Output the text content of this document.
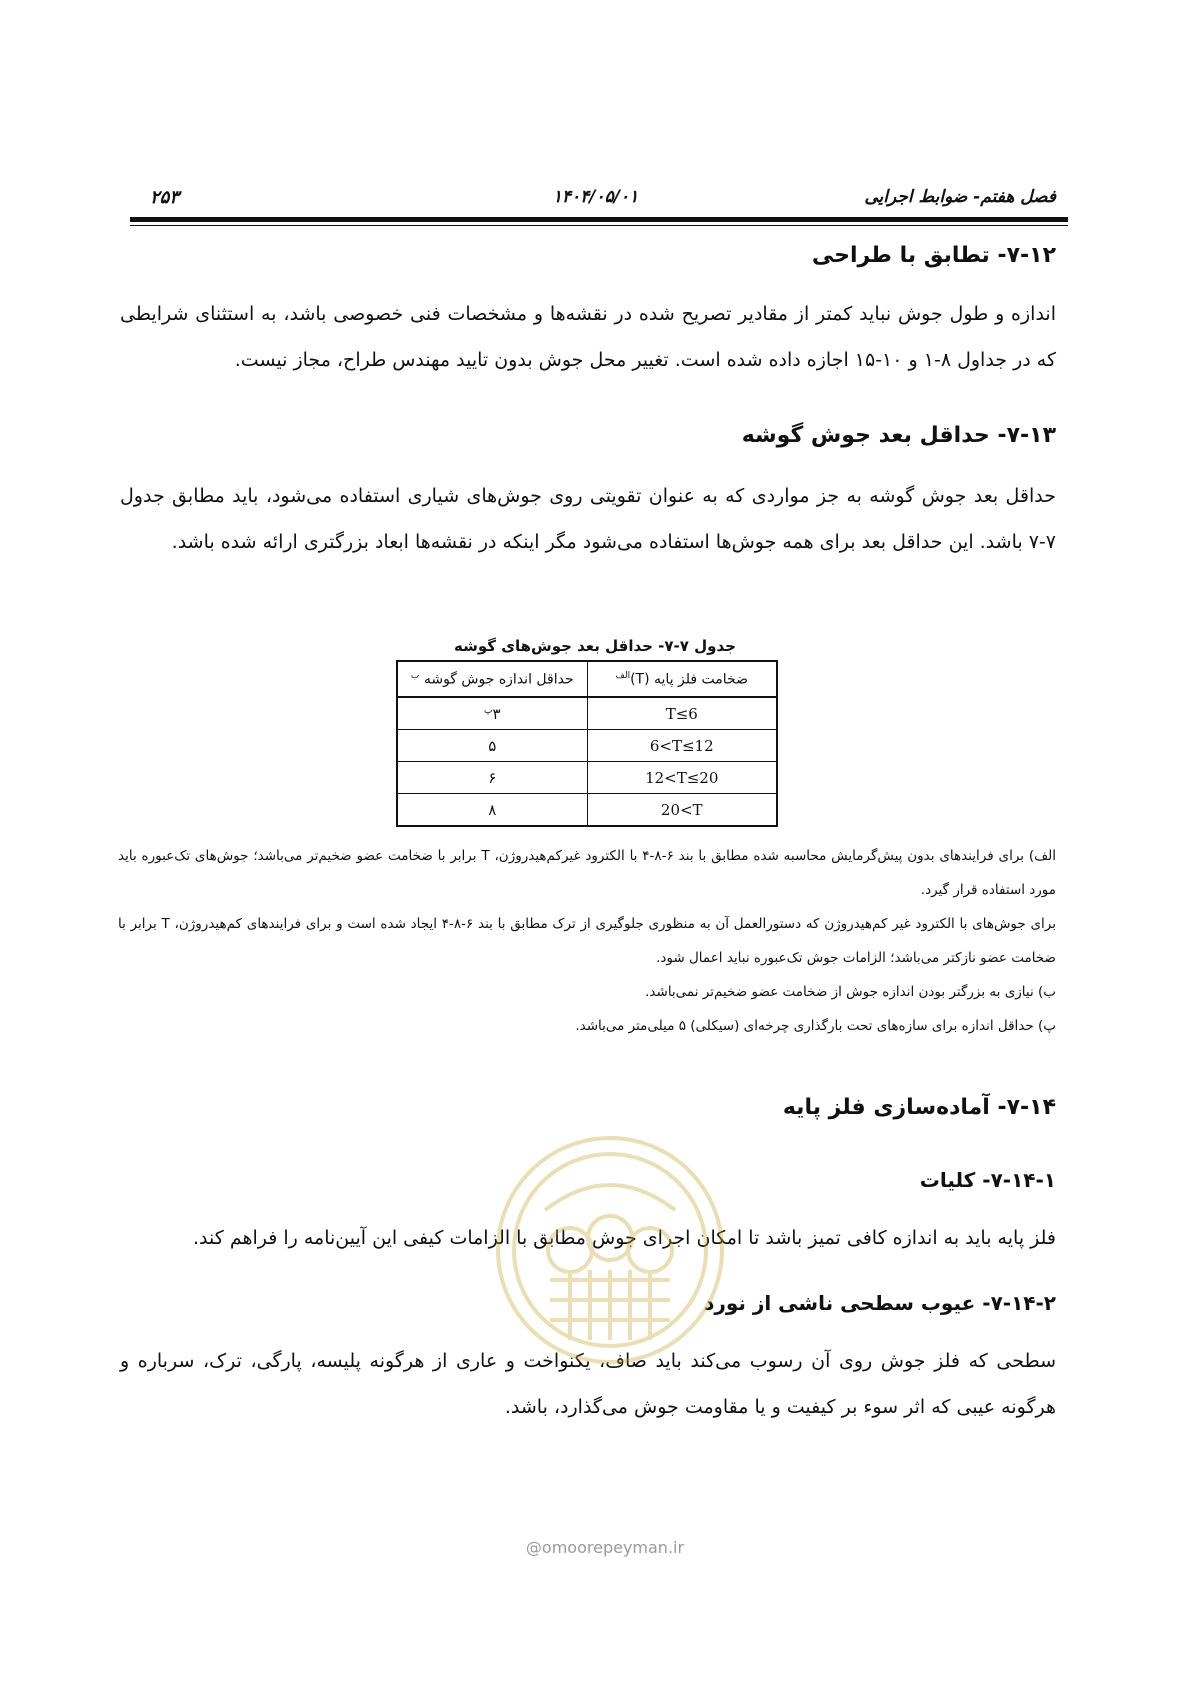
فصل هفتم- ضوابط اجرایی
۱۴۰۴/۰۵/۰۱
۲۵۳
۷-۱۲- تطابق با طراحی
اندازه و طول جوش نباید کمتر از مقادیر تصریح شده در نقشه‌ها و مشخصات فنی خصوصی باشد، به استثنای شرایطی که در جداول ۸-۱ و ۱۰-۱۵ اجازه داده شده است. تغییر محل جوش بدون تایید مهندس طراح، مجاز نیست.
۷-۱۳- حداقل بعد جوش گوشه
حداقل بعد جوش گوشه به جز مواردی که به عنوان تقویتی روی جوش‌های شیاری استفاده می‌شود، باید مطابق جدول ۷-۷ باشد. این حداقل بعد برای همه جوش‌ها استفاده می‌شود مگر اینکه در نقشه‌ها ابعاد بزرگتری ارائه شده باشد.
جدول ۷-۷- حداقل بعد جوش‌های گوشه
ضخامت فلز پایه $(T)^{الف}$	حداقل اندازه جوش گوشه $^ب$
T≤6	$۳^پ$
6<T≤12	۵
12<T≤20	۶
20<T	۸
الف) برای فرایندهای بدون پیش‌گرمایش محاسبه شده مطابق با بند ۶-۸-۴ با الکترود غیرکم‌هیدروژن، T برابر با ضخامت عضو ضخیم‌تر می‌باشد؛ جوش‌های تک‌عبوره باید مورد استفاده قرار گیرد.
برای جوش‌های با الکترود غیر کم‌هیدروژن که دستورالعمل آن به منظوری جلوگیری از ترک مطابق با بند ۶-۸-۴ ایجاد شده است و برای فرایندهای کم‌هیدروژن، T برابر با ضخامت عضو نازکتر می‌باشد؛ الزامات جوش تک‌عبوره نباید اعمال شود.
ب) نیازی به بزرگتر بودن اندازه جوش از ضخامت عضو ضخیم‌تر نمی‌باشد.
پ) حداقل اندازه برای سازه‌های تحت بارگذاری چرخه‌ای (سیکلی) ۵ میلی‌متر می‌باشد.
۷-۱۴- آماده‌سازی فلز پایه
۷-۱۴-۱- کلیات
فلز پایه باید به اندازه کافی تمیز باشد تا امکان اجرای جوش مطابق با الزامات کیفی این آیین‌نامه را فراهم کند.
۷-۱۴-۲- عیوب سطحی ناشی از نورد
سطحی که فلز جوش روی آن رسوب می‌کند باید صاف، یکنواخت و عاری از هرگونه پلیسه، پارگی، ترک، سرباره و هرگونه عیبی که اثر سوء بر کیفیت و یا مقاومت جوش می‌گذارد، باشد.
@omoorepeyman.ir
